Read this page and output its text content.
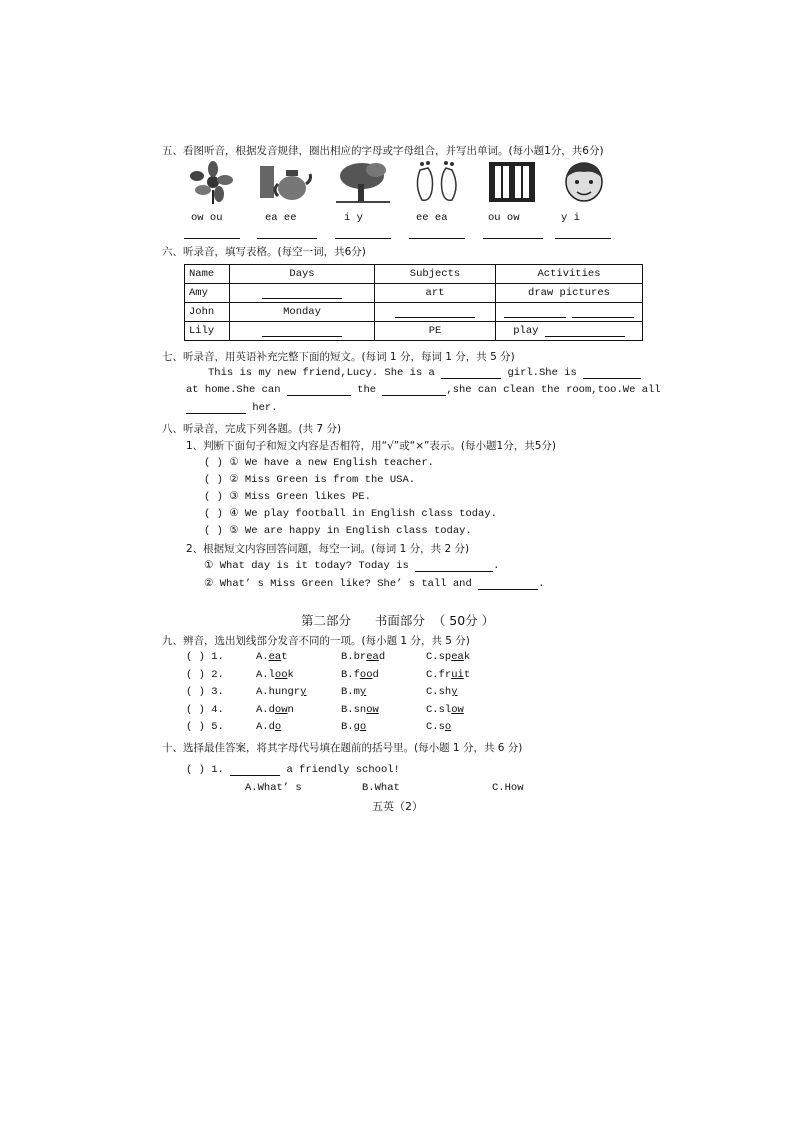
五、看图听音，根据发音规律，圈出相应的字母或字母组合，并写出单词。(每小题1分，共6分)
ow ou	ea ee	i y	ee ea	ou ow	y i
六、听录音，填写表格。(每空一词，共6分)
Name	Days	Subjects	Activities
Amy		art	draw pictures
John	Monday		
Lily		PE	play
七、听录音，用英语补充完整下面的短文。(每词 1 分，每词 1 分，共 5 分)
This is my new friend,Lucy. She is a	girl.She is
at home.She can	the	,she can clean the room,too.We all
her.
八、听录音，完成下列各题。(共 7 分)
1、判断下面句子和短文内容是否相符，用“√”或“×”表示。(每小题1分，共5分)
( ) ① We have a new English teacher.
( ) ② Miss Green is from the USA.
( ) ③ Miss Green likes PE.
( ) ④ We play football in English class today.
( ) ⑤ We are happy in English class today.
2、根据短文内容回答问题，每空一词。(每词 1 分，共 2 分)
① What day is it today? Today is	.
② What’ s Miss Green like? She’ s tall and	.
第二部分      书面部分  （ 50分 ）
九、辨音，选出划线部分发音不同的一项。(每小题 1 分，共 5 分)
( ) 1.	A.eat	B.bread	C.speak
( ) 2.	A.look	B.food	C.fruit
( ) 3.	A.hungry	B.my	C.shy
( ) 4.	A.down	B.snow	C.slow
( ) 5.	A.do	B.go	C.so
十、选择最佳答案，将其字母代号填在题前的括号里。(每小题 1 分，共 6 分)
( ) 1.	a friendly school!
A.What’ s	B.What	C.How
五英（2）
